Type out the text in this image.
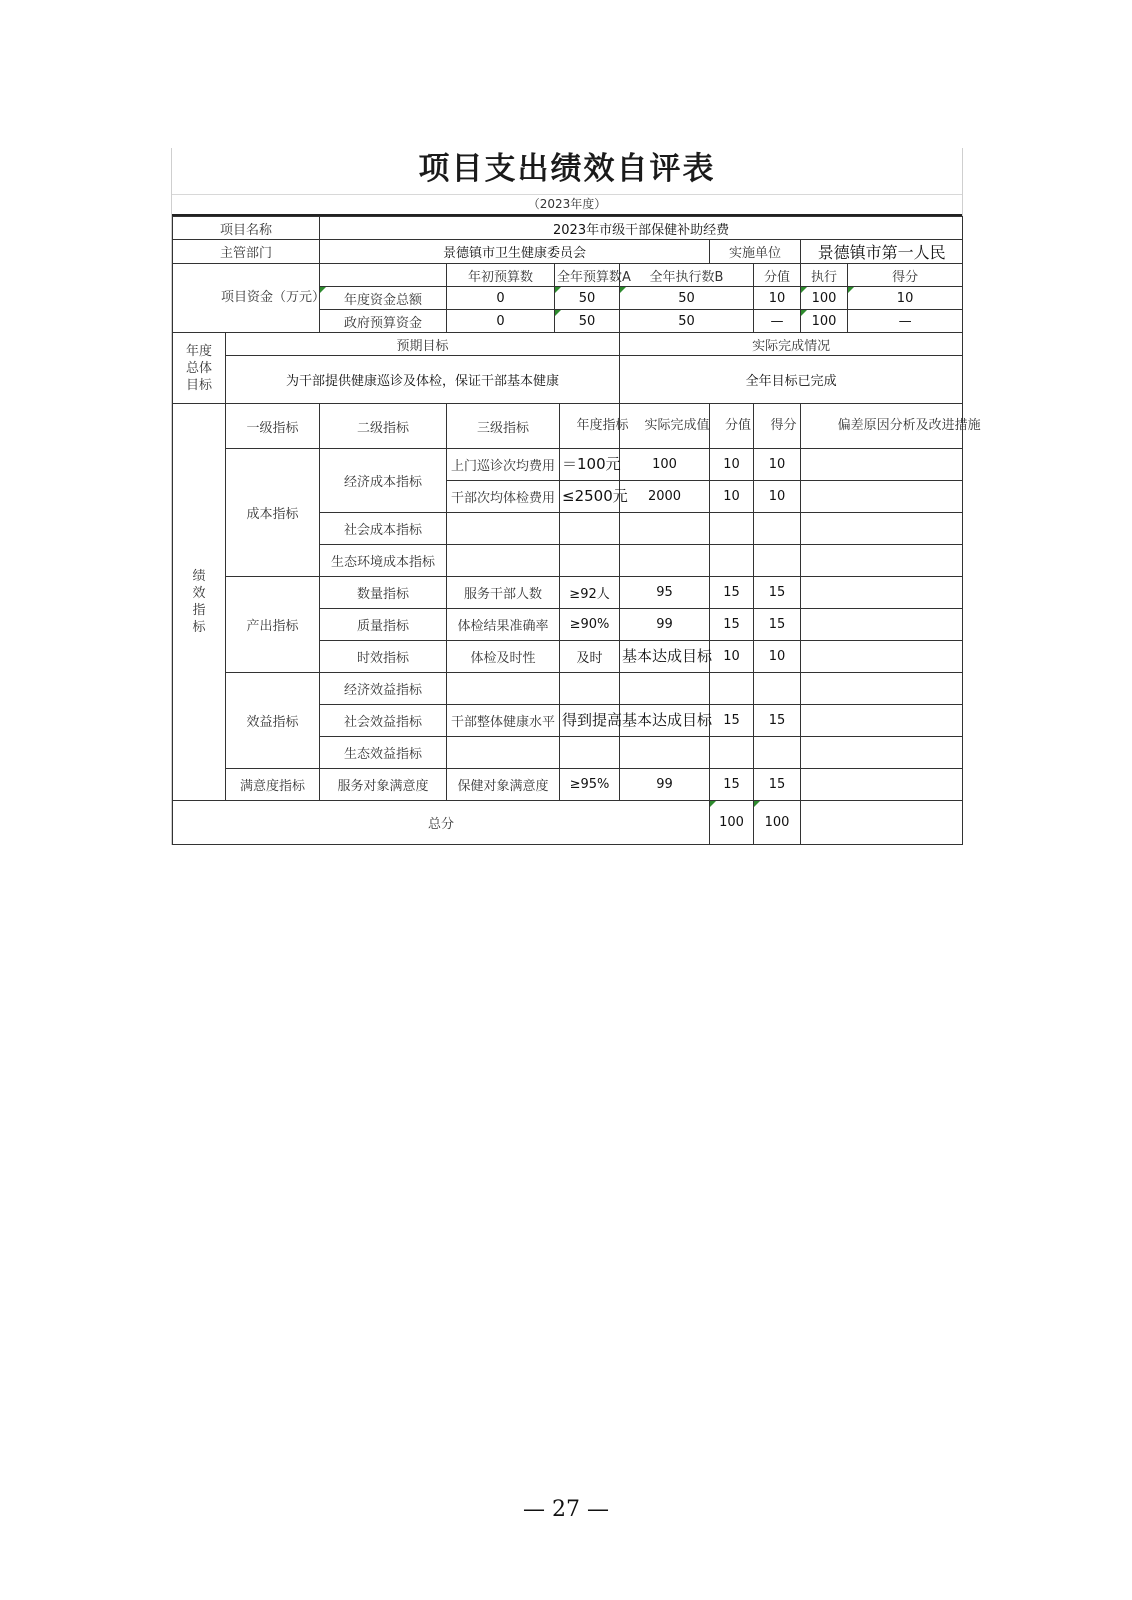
项目支出绩效自评表
（2023年度）
项目名称		2023年市级干部保健补助经费								
主管部门		景德镇市卫生健康委员会					实施单位		景德镇市第一人民	
项目资金（万元）			年初预算数	全年预算数A		全年执行数B		分值	执行	得分
		年度资金总额	0	50		50		10	100	10
		政府预算资金	0	50		50		—	100	—
年度总体目标	预期目标					实际完成情况				
	为干部提供健康巡诊及体检，保证干部基本健康					全年目标已完成				
绩效指标	一级指标	二级指标	三级指标		年度指标	实际完成值	分值	得分	偏差原因分析及改进措施	
	成本指标	经济成本指标	上门巡诊次均费用		＝100元	100	10	10		
			干部次均体检费用		≤2500元	2000	10	10		
		社会成本指标								
		生态环境成本指标								
	产出指标	数量指标	服务干部人数		≥92人	95	15	15		
		质量指标	体检结果准确率		≥90%	99	15	15		
		时效指标	体检及时性		及时	基本达成目标	10	10		
	效益指标	经济效益指标								
		社会效益指标	干部整体健康水平		得到提高	基本达成目标	15	15		
		生态效益指标								
	满意度指标	服务对象满意度	保健对象满意度		≥95%	99	15	15		
总分							100	100		
— 27 —
